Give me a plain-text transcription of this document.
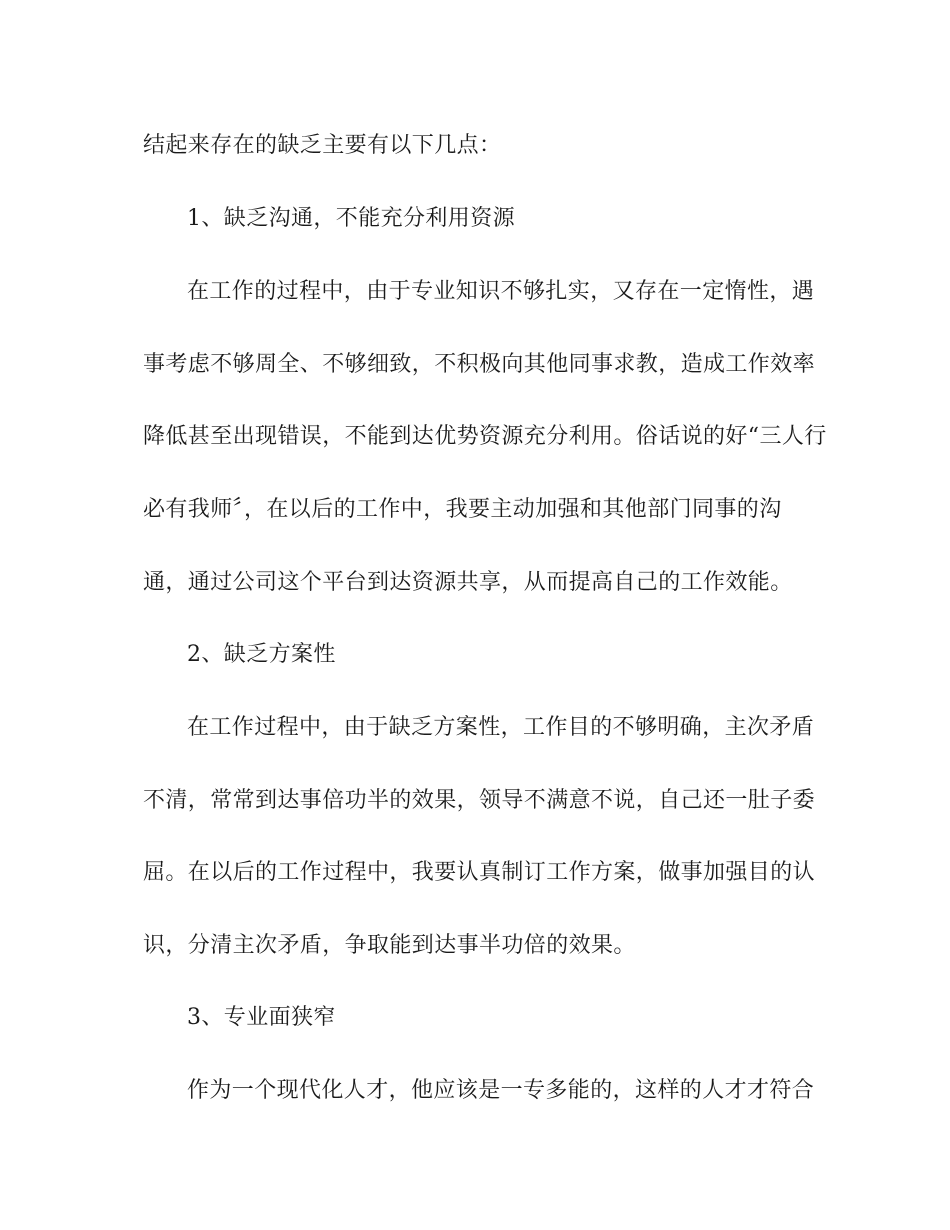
结起来存在的缺乏主要有以下几点：
1、缺乏沟通，不能充分利用资源
在工作的过程中，由于专业知识不够扎实，又存在一定惰性，遇
事考虑不够周全、不够细致，不积极向其他同事求教，造成工作效率
降低甚至出现错误，不能到达优势资源充分利用。俗话说的好“三人行
必有我师〞，在以后的工作中，我要主动加强和其他部门同事的沟
通，通过公司这个平台到达资源共享，从而提高自己的工作效能。
2、缺乏方案性
在工作过程中，由于缺乏方案性，工作目的不够明确，主次矛盾
不清，常常到达事倍功半的效果，领导不满意不说，自己还一肚子委
屈。在以后的工作过程中，我要认真制订工作方案，做事加强目的认
识，分清主次矛盾，争取能到达事半功倍的效果。
3、专业面狭窄
作为一个现代化人才，他应该是一专多能的，这样的人才才符合
